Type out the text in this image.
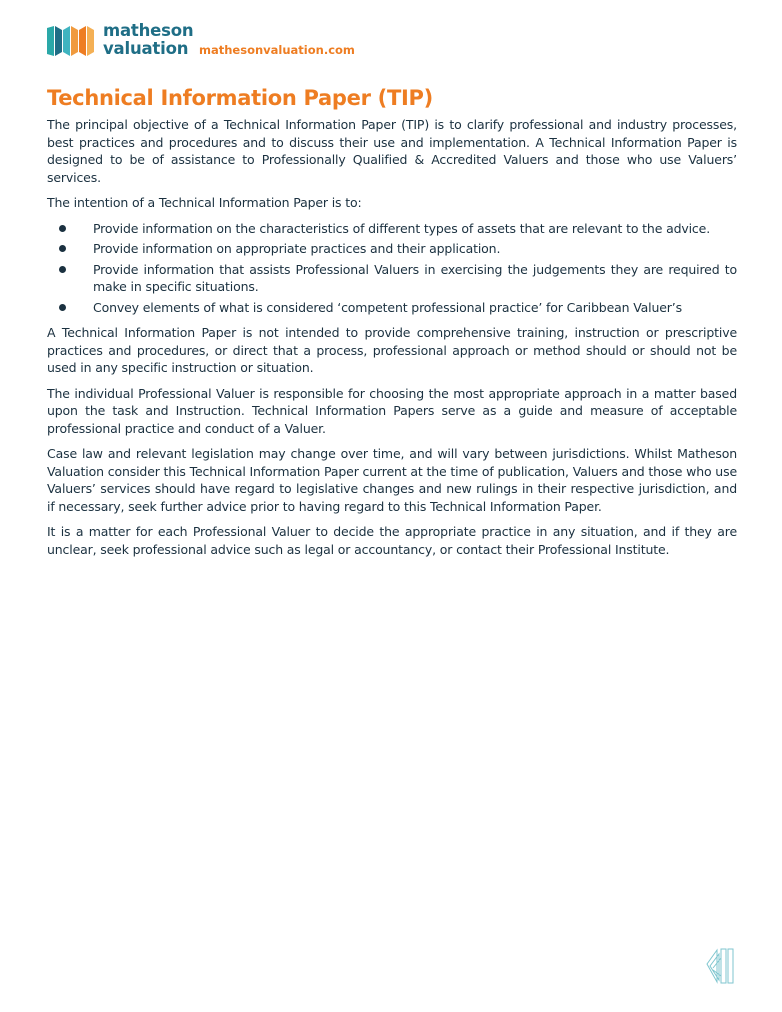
matheson
valuation mathesonvaluation.com
Technical Information Paper (TIP)

The principal objective of a Technical Information Paper (TIP) is to clarify professional and industry processes, best practices and procedures and to discuss their use and implementation. A Technical Information Paper is designed to be of assistance to Professionally Qualified & Accredited Valuers and those who use Valuers’ services.

The intention of a Technical Information Paper is to:

Provide information on the characteristics of different types of assets that are relevant to the advice.
Provide information on appropriate practices and their application.
Provide information that assists Professional Valuers in exercising the judgements they are required to make in specific situations.
Convey elements of what is considered ‘competent professional practice’ for Caribbean Valuer’s

A Technical Information Paper is not intended to provide comprehensive training, instruction or prescriptive practices and procedures, or direct that a process, professional approach or method should or should not be used in any specific instruction or situation.

The individual Professional Valuer is responsible for choosing the most appropriate approach in a matter based upon the task and Instruction. Technical Information Papers serve as a guide and measure of acceptable professional practice and conduct of a Valuer.

Case law and relevant legislation may change over time, and will vary between jurisdictions. Whilst Matheson Valuation consider this Technical Information Paper current at the time of publication, Valuers and those who use Valuers’ services should have regard to legislative changes and new rulings in their respective jurisdiction, and if necessary, seek further advice prior to having regard to this Technical Information Paper.

It is a matter for each Professional Valuer to decide the appropriate practice in any situation, and if they are unclear, seek professional advice such as legal or accountancy, or contact their Professional Institute.
